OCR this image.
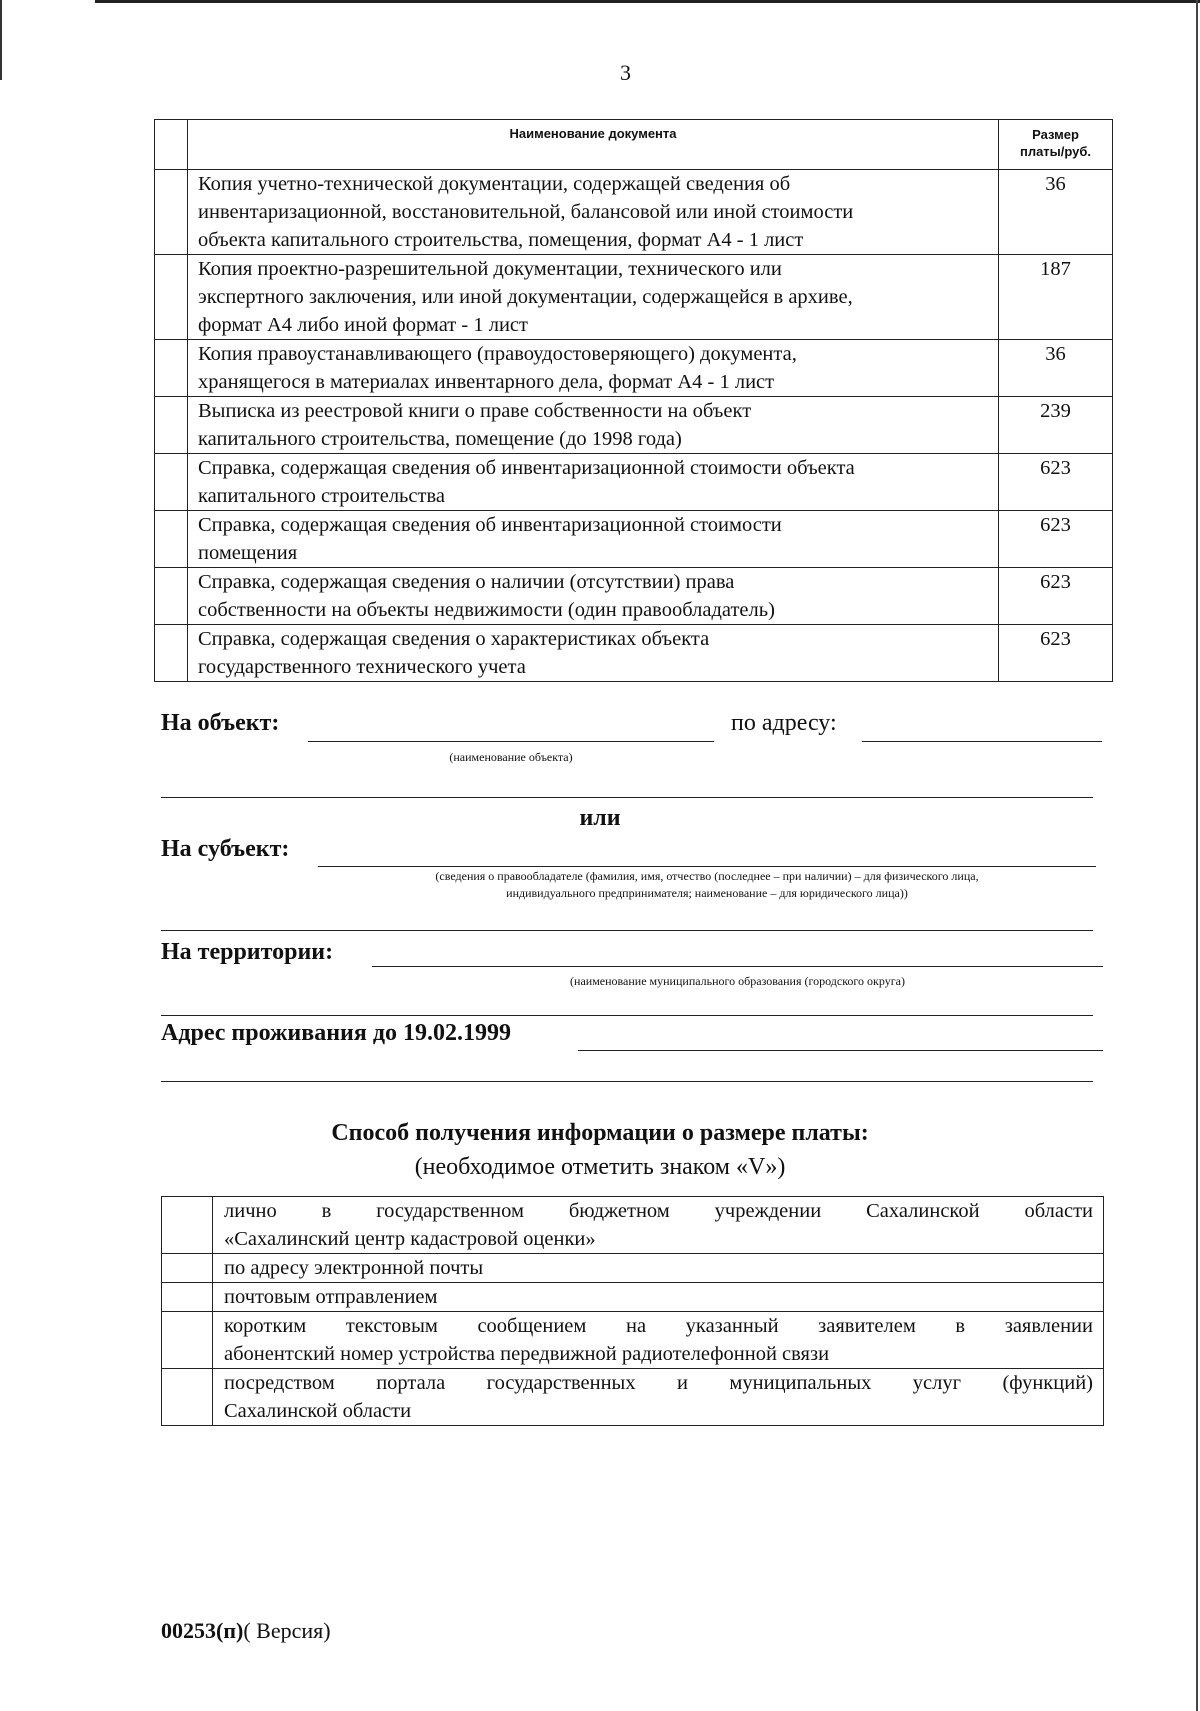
3
	Наименование документа	Размер
платы/руб.

	Копия учетно-технической документации, содержащей сведения об
инвентаризационной, восстановительной, балансовой или иной стоимости
объекта капитального строительства, помещения, формат А4 - 1 лист	36

	Копия проектно-разрешительной документации, технического или
экспертного заключения, или иной документации, содержащейся в архиве,
формат А4 либо иной формат - 1 лист	187

	Копия правоустанавливающего (правоудостоверяющего) документа,
хранящегося в материалах инвентарного дела, формат А4 - 1 лист	36

	Выписка из реестровой книги о праве собственности на объект
капитального строительства, помещение (до 1998 года)	239

	Справка, содержащая сведения об инвентаризационной стоимости объекта
капитального строительства	623

	Справка, содержащая сведения об инвентаризационной стоимости
помещения	623

	Справка, содержащая сведения о наличии (отсутствии) права
собственности на объекты недвижимости (один правообладатель)	623

	Справка, содержащая сведения о характеристиках объекта
государственного технического учета	623
На объект:	по адресу:
(наименование объекта)
или
На субъект:
(сведения о правообладателе (фамилия, имя, отчество (последнее – при наличии) – для физического лица,
индивидуального предпринимателя; наименование – для юридического лица))
На территории:
(наименование муниципального образования (городского округа)
Адрес проживания до 19.02.1999
Способ получения информации о размере платы:
(необходимое отметить знаком «V»)

	лично в государственном бюджетном учреждении Сахалинской области
«Сахалинский центр кадастровой оценки»

	по адресу электронной почты

	почтовым отправлением

	коротким текстовым сообщением на указанный заявителем в заявлении
абонентский номер устройства передвижной радиотелефонной связи

	посредством портала государственных и муниципальных услуг (функций)
Сахалинской области
00253(п)( Версия)
